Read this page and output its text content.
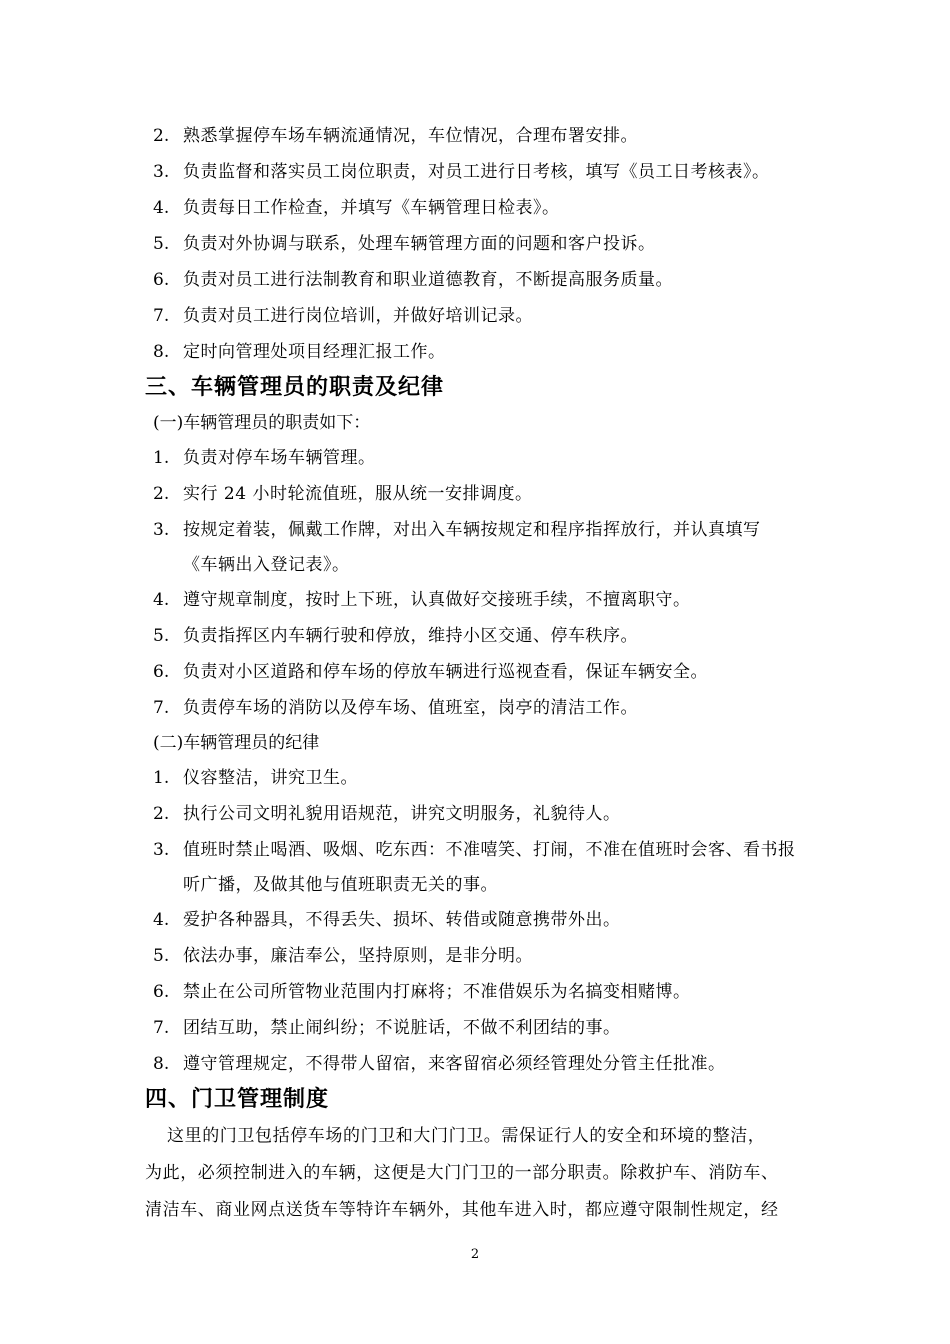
2. 熟悉掌握停车场车辆流通情况，车位情况，合理布署安排。
3. 负责监督和落实员工岗位职责，对员工进行日考核，填写《员工日考核表》。
4. 负责每日工作检查，并填写《车辆管理日检表》。
5. 负责对外协调与联系，处理车辆管理方面的问题和客户投诉。
6. 负责对员工进行法制教育和职业道德教育，不断提高服务质量。
7. 负责对员工进行岗位培训，并做好培训记录。
8. 定时向管理处项目经理汇报工作。
三、车辆管理员的职责及纪律
(一)车辆管理员的职责如下：
1. 负责对停车场车辆管理。
2. 实行 24 小时轮流值班，服从统一安排调度。
3. 按规定着装，佩戴工作牌，对出入车辆按规定和程序指挥放行，并认真填写
《车辆出入登记表》。
4. 遵守规章制度，按时上下班，认真做好交接班手续，不擅离职守。
5. 负责指挥区内车辆行驶和停放，维持小区交通、停车秩序。
6. 负责对小区道路和停车场的停放车辆进行巡视查看，保证车辆安全。
7. 负责停车场的消防以及停车场、值班室，岗亭的清洁工作。
(二)车辆管理员的纪律
1. 仪容整洁，讲究卫生。
2. 执行公司文明礼貌用语规范，讲究文明服务，礼貌待人。
3. 值班时禁止喝酒、吸烟、吃东西：不准嘻笑、打闹，不准在值班时会客、看书报
听广播，及做其他与值班职责无关的事。
4. 爱护各种器具，不得丢失、损坏、转借或随意携带外出。
5. 依法办事，廉洁奉公，坚持原则，是非分明。
6. 禁止在公司所管物业范围内打麻将；不准借娱乐为名搞变相赌博。
7. 团结互助，禁止闹纠纷；不说脏话，不做不利团结的事。
8. 遵守管理规定，不得带人留宿，来客留宿必须经管理处分管主任批准。
四、门卫管理制度
这里的门卫包括停车场的门卫和大门门卫。需保证行人的安全和环境的整洁，
为此，必须控制进入的车辆，这便是大门门卫的一部分职责。除救护车、消防车、
清洁车、商业网点送货车等特许车辆外，其他车进入时，都应遵守限制性规定，经
2
